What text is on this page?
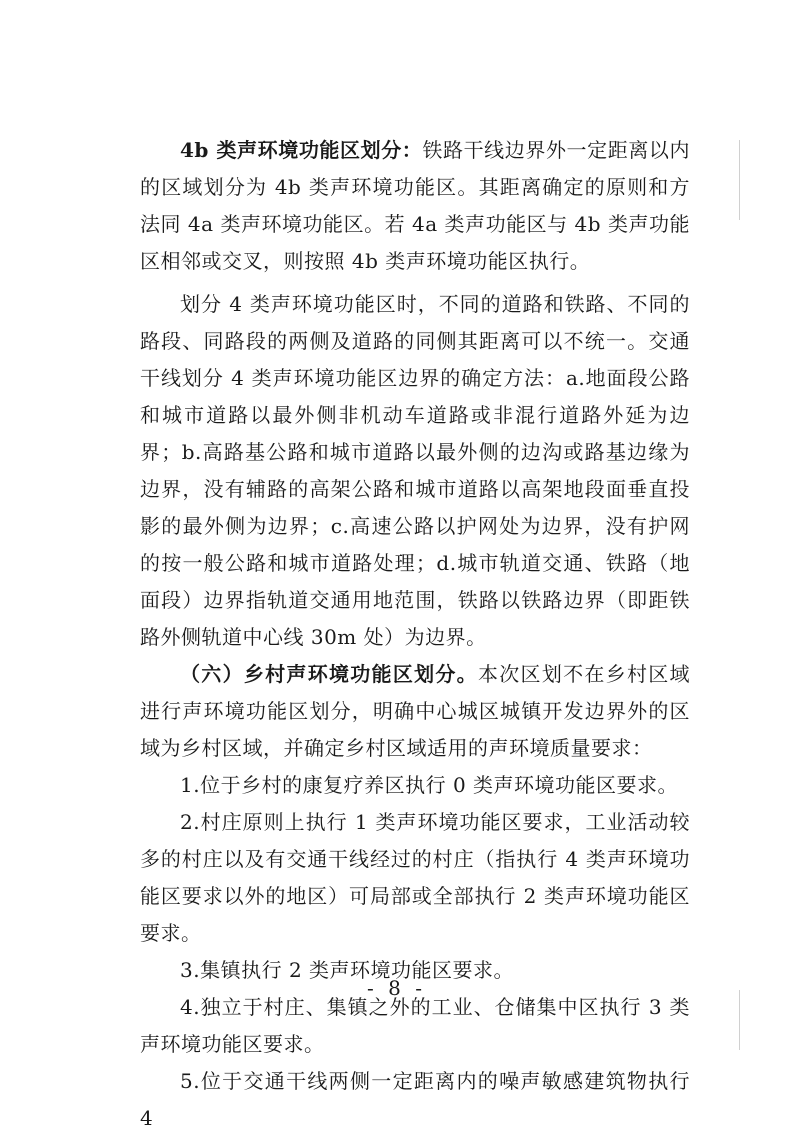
4b 类声环境功能区划分：铁路干线边界外一定距离以内的区域划分为 4b 类声环境功能区。其距离确定的原则和方法同 4a 类声环境功能区。若 4a 类声功能区与 4b 类声功能区相邻或交叉，则按照 4b 类声环境功能区执行。

划分 4 类声环境功能区时，不同的道路和铁路、不同的路段、同路段的两侧及道路的同侧其距离可以不统一。交通干线划分 4 类声环境功能区边界的确定方法：a.地面段公路和城市道路以最外侧非机动车道路或非混行道路外延为边界；b.高路基公路和城市道路以最外侧的边沟或路基边缘为边界，没有辅路的高架公路和城市道路以高架地段面垂直投影的最外侧为边界；c.高速公路以护网处为边界，没有护网的按一般公路和城市道路处理；d.城市轨道交通、铁路（地面段）边界指轨道交通用地范围，铁路以铁路边界（即距铁路外侧轨道中心线 30m 处）为边界。

（六）乡村声环境功能区划分。本次区划不在乡村区域进行声环境功能区划分，明确中心城区城镇开发边界外的区域为乡村区域，并确定乡村区域适用的声环境质量要求：

1.位于乡村的康复疗养区执行 0 类声环境功能区要求。

2.村庄原则上执行 1 类声环境功能区要求，工业活动较多的村庄以及有交通干线经过的村庄（指执行 4 类声环境功能区要求以外的地区）可局部或全部执行 2 类声环境功能区要求。

3.集镇执行 2 类声环境功能区要求。

4.独立于村庄、集镇之外的工业、仓储集中区执行 3 类声环境功能区要求。

5.位于交通干线两侧一定距离内的噪声敏感建筑物执行 4

- 8 -
